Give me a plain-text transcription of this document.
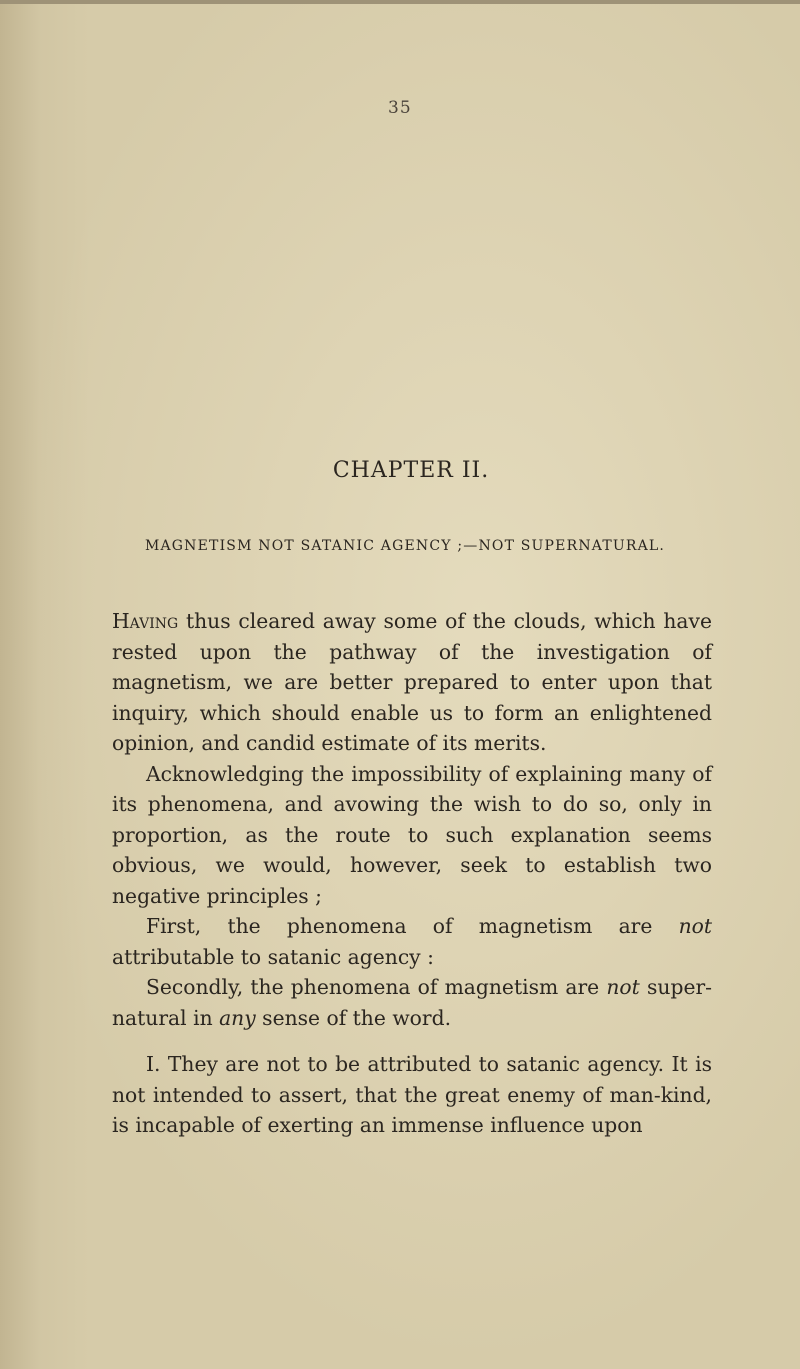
35
CHAPTER II.
MAGNETISM NOT SATANIC AGENCY ;—NOT SUPERNATURAL.

Having thus cleared away some of the clouds, which have rested upon the pathway of the investigation of magnetism, we are better prepared to enter upon that inquiry, which should enable us to form an enlightened opinion, and candid estimate of its merits.

Acknowledging the impossibility of explaining many of its phenomena, and avowing the wish to do so, only in proportion, as the route to such explanation seems obvious, we would, however, seek to establish two negative principles ;

First, the phenomena of magnetism are not attributable to satanic agency :

Secondly, the phenomena of magnetism are not super-natural in any sense of the word.

I. They are not to be attributed to satanic agency. It is not intended to assert, that the great enemy of man-kind, is incapable of exerting an immense influence upon
